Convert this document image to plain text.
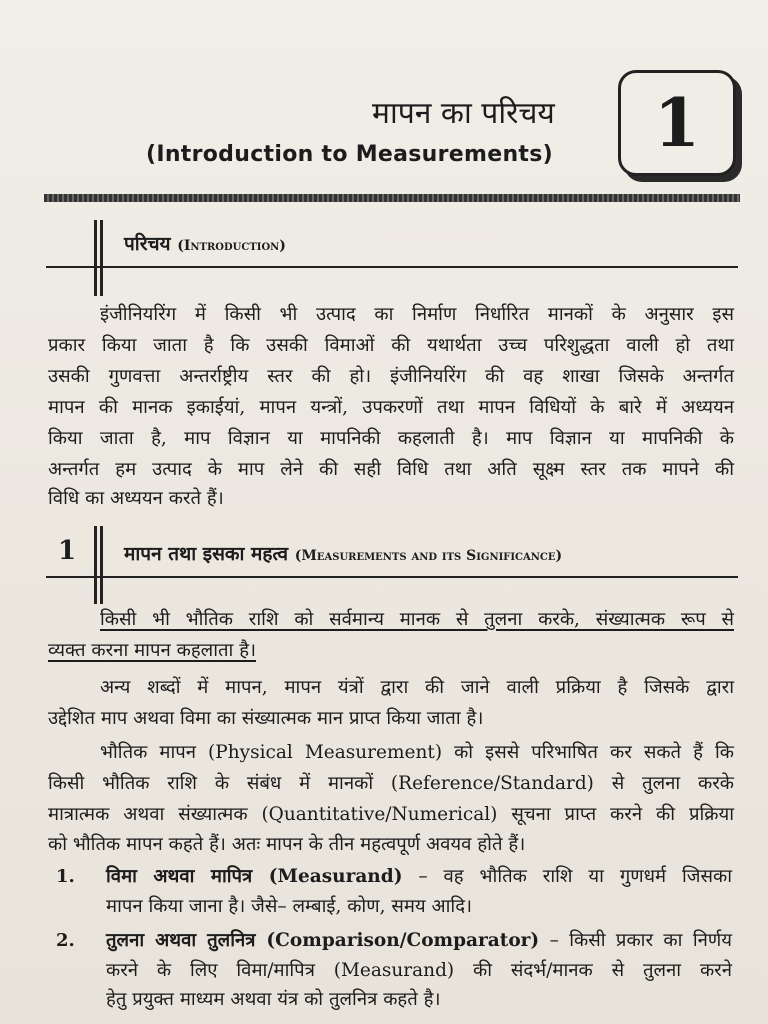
मापन का परिचय
(Introduction to Measurements) 1
परिचय (Introduction)
इंजीनियरिंग में किसी भी उत्पाद का निर्माण निर्धारित मानकों के अनुसार इस
प्रकार किया जाता है कि उसकी विमाओं की यथार्थता उच्च परिशुद्धता वाली हो तथा
उसकी गुणवत्ता अन्तर्राष्ट्रीय स्तर की हो। इंजीनियरिंग की वह शाखा जिसके अन्तर्गत
मापन की मानक इकाईयां, मापन यन्त्रों, उपकरणों तथा मापन विधियों के बारे में अध्ययन
किया जाता है, माप विज्ञान या मापनिकी कहलाती है। माप विज्ञान या मापनिकी के
अन्तर्गत हम उत्पाद के माप लेने की सही विधि तथा अति सूक्ष्म स्तर तक मापने की
विधि का अध्ययन करते हैं।
1	मापन तथा इसका महत्व (Measurements and its Significance)
किसी भी भौतिक राशि को सर्वमान्य मानक से तुलना करके, संख्यात्मक रूप से
व्यक्त करना मापन कहलाता है।
अन्य शब्दों में मापन, मापन यंत्रों द्वारा की जाने वाली प्रक्रिया है जिसके द्वारा
उद्देशित माप अथवा विमा का संख्यात्मक मान प्राप्त किया जाता है।
भौतिक मापन (Physical Measurement) को इससे परिभाषित कर सकते हैं कि
किसी भौतिक राशि के संबंध में मानकों (Reference/Standard) से तुलना करके
मात्रात्मक अथवा संख्यात्मक (Quantitative/Numerical) सूचना प्राप्त करने की प्रक्रिया
को भौतिक मापन कहते हैं। अतः मापन के तीन महत्वपूर्ण अवयव होते हैं।
1. विमा अथवा मापित्र (Measurand) – वह भौतिक राशि या गुणधर्म जिसका
मापन किया जाना है। जैसे– लम्बाई, कोण, समय आदि।
2. तुलना अथवा तुलनित्र (Comparison/Comparator) – किसी प्रकार का निर्णय
करने के लिए विमा/मापित्र (Measurand) की संदर्भ/मानक से तुलना करने
हेतु प्रयुक्त माध्यम अथवा यंत्र को तुलनित्र कहते है।
